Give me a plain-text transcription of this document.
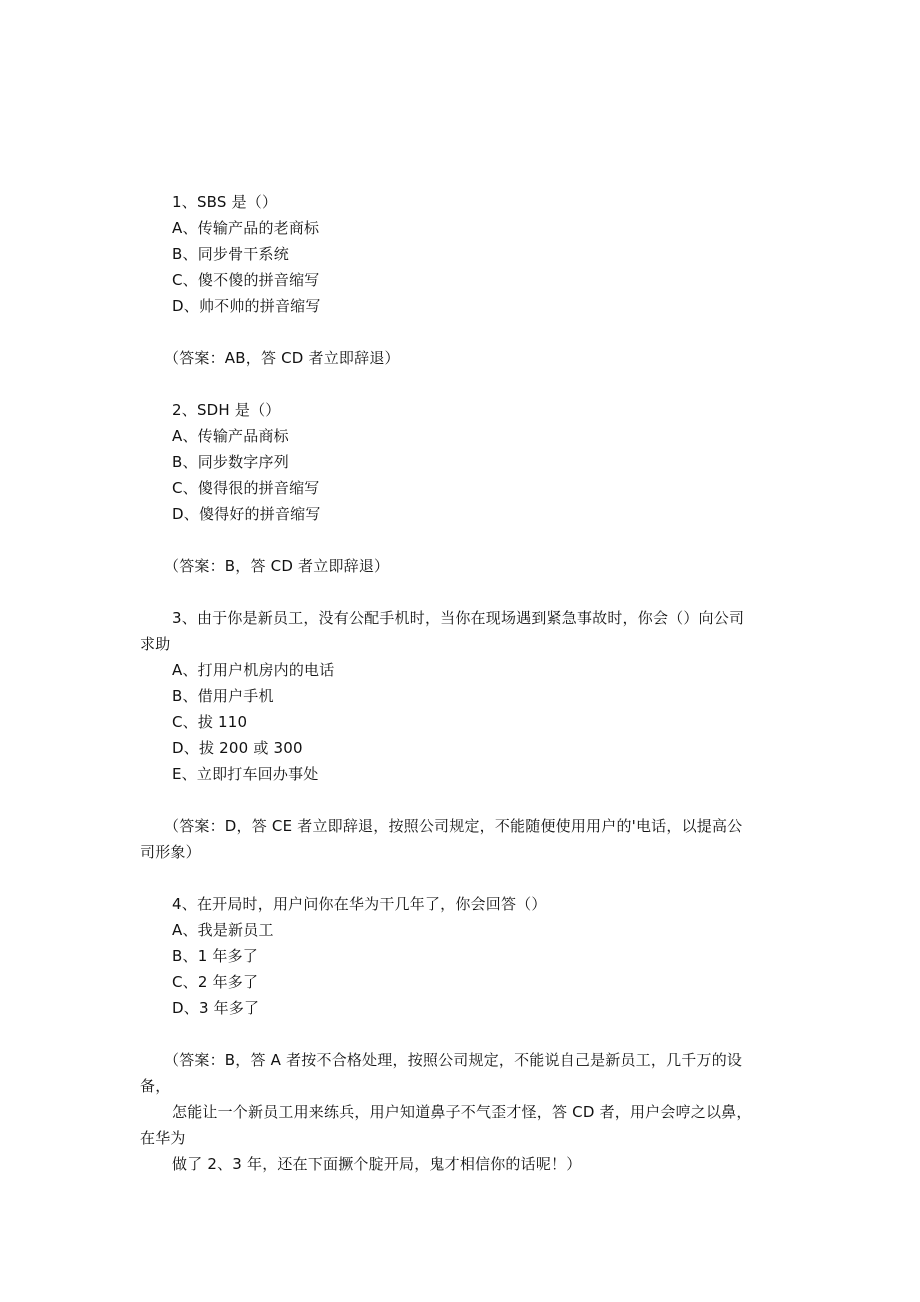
1、SBS 是（）
A、传输产品的老商标
B、同步骨干系统
C、傻不傻的拼音缩写
D、帅不帅的拼音缩写
（答案：AB，答 CD 者立即辞退）
2、SDH 是（）
A、传输产品商标
B、同步数字序列
C、傻得很的拼音缩写
D、傻得好的拼音缩写
（答案：B，答 CD 者立即辞退）
3、由于你是新员工，没有公配手机时，当你在现场遇到紧急事故时，你会（）向公司
求助
A、打用户机房内的电话
B、借用户手机
C、拔 110
D、拔 200 或 300
E、立即打车回办事处
（答案：D，答 CE 者立即辞退，按照公司规定，不能随便使用用户的'电话，以提高公
司形象）
4、在开局时，用户问你在华为干几年了，你会回答（）
A、我是新员工
B、1 年多了
C、2 年多了
D、3 年多了
（答案：B，答 A 者按不合格处理，按照公司规定，不能说自己是新员工，几千万的设
备，
怎能让一个新员工用来练兵，用户知道鼻子不气歪才怪，答 CD 者，用户会哼之以鼻，
在华为
做了 2、3 年，还在下面撅个腚开局，鬼才相信你的话呢！）
